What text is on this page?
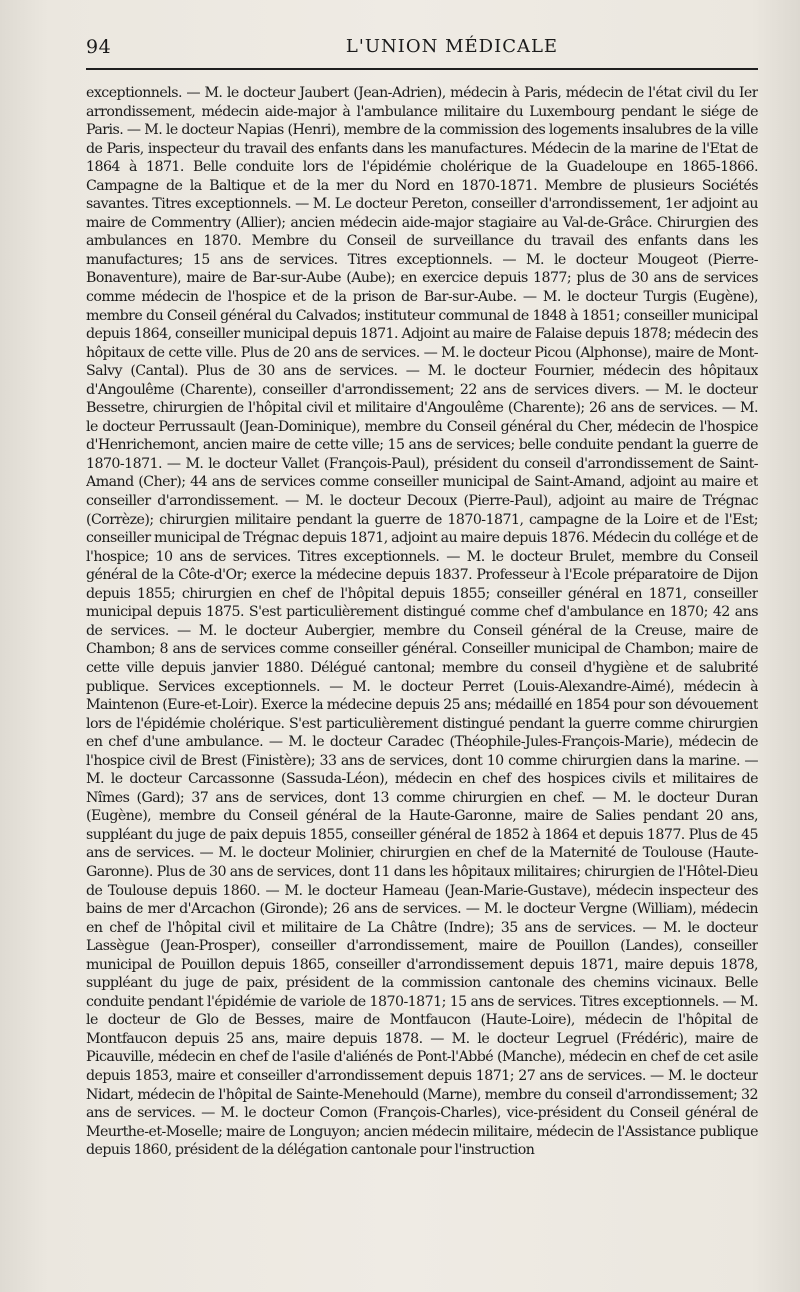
94	L'UNION MÉDICALE

exceptionnels. — M. le docteur Jaubert (Jean-Adrien), médecin à Paris, médecin de l'état civil du Ier arrondissement, médecin aide-major à l'ambulance militaire du Luxembourg pendant le siége de Paris. — M. le docteur Napias (Henri), membre de la commission des logements insalubres de la ville de Paris, inspecteur du travail des enfants dans les manufactures. Médecin de la marine de l'Etat de 1864 à 1871. Belle conduite lors de l'épidémie cholérique de la Guadeloupe en 1865-1866. Campagne de la Baltique et de la mer du Nord en 1870-1871. Membre de plusieurs Sociétés savantes. Titres exceptionnels. — M. Le docteur Pereton, conseiller d'arrondissement, 1er adjoint au maire de Commentry (Allier); ancien médecin aide-major stagiaire au Val-de-Grâce. Chirurgien des ambulances en 1870. Membre du Conseil de surveillance du travail des enfants dans les manufactures; 15 ans de services. Titres exceptionnels. — M. le docteur Mougeot (Pierre-Bonaventure), maire de Bar-sur-Aube (Aube); en exercice depuis 1877; plus de 30 ans de services comme médecin de l'hospice et de la prison de Bar-sur-Aube. — M. le docteur Turgis (Eugène), membre du Conseil général du Calvados; instituteur communal de 1848 à 1851; conseiller municipal depuis 1864, conseiller municipal depuis 1871. Adjoint au maire de Falaise depuis 1878; médecin des hôpitaux de cette ville. Plus de 20 ans de services. — M. le docteur Picou (Alphonse), maire de Mont-Salvy (Cantal). Plus de 30 ans de services. — M. le docteur Fournier, médecin des hôpitaux d'Angoulême (Charente), conseiller d'arrondissement; 22 ans de services divers. — M. le docteur Bessetre, chirurgien de l'hôpital civil et militaire d'Angoulême (Charente); 26 ans de services. — M. le docteur Perrussault (Jean-Dominique), membre du Conseil général du Cher, médecin de l'hospice d'Henrichemont, ancien maire de cette ville; 15 ans de services; belle conduite pendant la guerre de 1870-1871. — M. le docteur Vallet (François-Paul), président du conseil d'arrondissement de Saint-Amand (Cher); 44 ans de services comme conseiller municipal de Saint-Amand, adjoint au maire et conseiller d'arrondissement. — M. le docteur Decoux (Pierre-Paul), adjoint au maire de Trégnac (Corrèze); chirurgien militaire pendant la guerre de 1870-1871, campagne de la Loire et de l'Est; conseiller municipal de Trégnac depuis 1871, adjoint au maire depuis 1876. Médecin du collége et de l'hospice; 10 ans de services. Titres exceptionnels. — M. le docteur Brulet, membre du Conseil général de la Côte-d'Or; exerce la médecine depuis 1837. Professeur à l'Ecole préparatoire de Dijon depuis 1855; chirurgien en chef de l'hôpital depuis 1855; conseiller général en 1871, conseiller municipal depuis 1875. S'est particulièrement distingué comme chef d'ambulance en 1870; 42 ans de services. — M. le docteur Aubergier, membre du Conseil général de la Creuse, maire de Chambon; 8 ans de services comme conseiller général. Conseiller municipal de Chambon; maire de cette ville depuis janvier 1880. Délégué cantonal; membre du conseil d'hygiène et de salubrité publique. Services exceptionnels. — M. le docteur Perret (Louis-Alexandre-Aimé), médecin à Maintenon (Eure-et-Loir). Exerce la médecine depuis 25 ans; médaillé en 1854 pour son dévouement lors de l'épidémie cholérique. S'est particulièrement distingué pendant la guerre comme chirurgien en chef d'une ambulance. — M. le docteur Caradec (Théophile-Jules-François-Marie), médecin de l'hospice civil de Brest (Finistère); 33 ans de services, dont 10 comme chirurgien dans la marine. — M. le docteur Carcassonne (Sassuda-Léon), médecin en chef des hospices civils et militaires de Nîmes (Gard); 37 ans de services, dont 13 comme chirurgien en chef. — M. le docteur Duran (Eugène), membre du Conseil général de la Haute-Garonne, maire de Salies pendant 20 ans, suppléant du juge de paix depuis 1855, conseiller général de 1852 à 1864 et depuis 1877. Plus de 45 ans de services. — M. le docteur Molinier, chirurgien en chef de la Maternité de Toulouse (Haute-Garonne). Plus de 30 ans de services, dont 11 dans les hôpitaux militaires; chirurgien de l'Hôtel-Dieu de Toulouse depuis 1860. — M. le docteur Hameau (Jean-Marie-Gustave), médecin inspecteur des bains de mer d'Arcachon (Gironde); 26 ans de services. — M. le docteur Vergne (William), médecin en chef de l'hôpital civil et militaire de La Châtre (Indre); 35 ans de services. — M. le docteur Lassègue (Jean-Prosper), conseiller d'arrondissement, maire de Pouillon (Landes), conseiller municipal de Pouillon depuis 1865, conseiller d'arrondissement depuis 1871, maire depuis 1878, suppléant du juge de paix, président de la commission cantonale des chemins vicinaux. Belle conduite pendant l'épidémie de variole de 1870-1871; 15 ans de services. Titres exceptionnels. — M. le docteur de Glo de Besses, maire de Montfaucon (Haute-Loire), médecin de l'hôpital de Montfaucon depuis 25 ans, maire depuis 1878. — M. le docteur Legruel (Frédéric), maire de Picauville, médecin en chef de l'asile d'aliénés de Pont-l'Abbé (Manche), médecin en chef de cet asile depuis 1853, maire et conseiller d'arrondissement depuis 1871; 27 ans de services. — M. le docteur Nidart, médecin de l'hôpital de Sainte-Menehould (Marne), membre du conseil d'arrondissement; 32 ans de services. — M. le docteur Comon (François-Charles), vice-président du Conseil général de Meurthe-et-Moselle; maire de Longuyon; ancien médecin militaire, médecin de l'Assistance publique depuis 1860, président de la délégation cantonale pour l'instruction
